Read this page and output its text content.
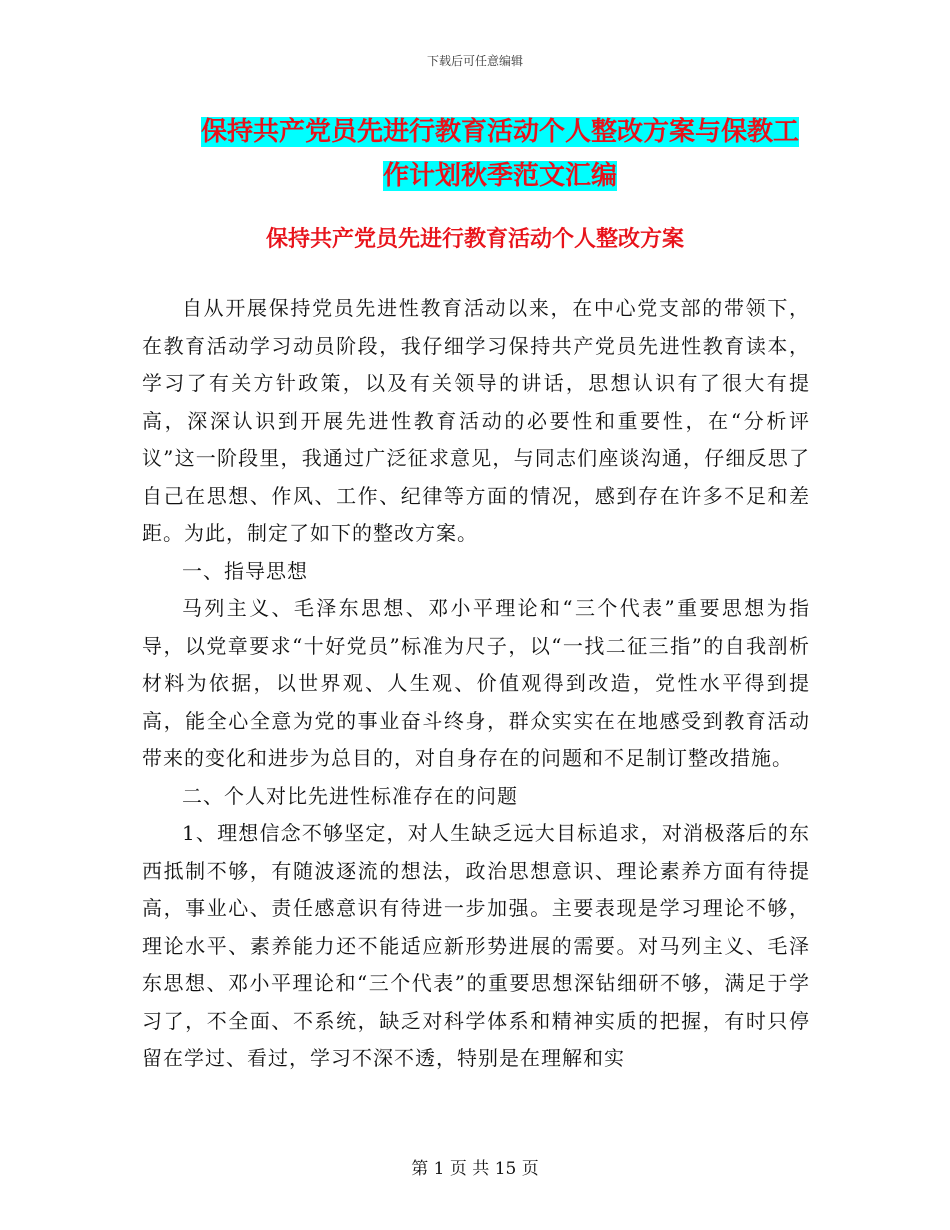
下载后可任意编辑
保持共产党员先进行教育活动个人整改方案与保教工
作计划秋季范文汇编
保持共产党员先进行教育活动个人整改方案

自从开展保持党员先进性教育活动以来，在中心党支部的带领下，在教育活动学习动员阶段，我仔细学习保持共产党员先进性教育读本，学习了有关方针政策，以及有关领导的讲话，思想认识有了很大有提高，深深认识到开展先进性教育活动的必要性和重要性，在“分析评议”这一阶段里，我通过广泛征求意见，与同志们座谈沟通，仔细反思了自己在思想、作风、工作、纪律等方面的情况，感到存在许多不足和差距。为此，制定了如下的整改方案。

一、指导思想

马列主义、毛泽东思想、邓小平理论和“三个代表”重要思想为指导，以党章要求“十好党员”标准为尺子，以“一找二征三指”的自我剖析材料为依据，以世界观、人生观、价值观得到改造，党性水平得到提高，能全心全意为党的事业奋斗终身，群众实实在在地感受到教育活动带来的变化和进步为总目的，对自身存在的问题和不足制订整改措施。

二、个人对比先进性标准存在的问题

1、理想信念不够坚定，对人生缺乏远大目标追求，对消极落后的东西抵制不够，有随波逐流的想法，政治思想意识、理论素养方面有待提高，事业心、责任感意识有待进一步加强。主要表现是学习理论不够，理论水平、素养能力还不能适应新形势进展的需要。对马列主义、毛泽东思想、邓小平理论和“三个代表”的重要思想深钻细研不够，满足于学习了，不全面、不系统，缺乏对科学体系和精神实质的把握，有时只停留在学过、看过，学习不深不透，特别是在理解和实

第 1 页 共 15 页
